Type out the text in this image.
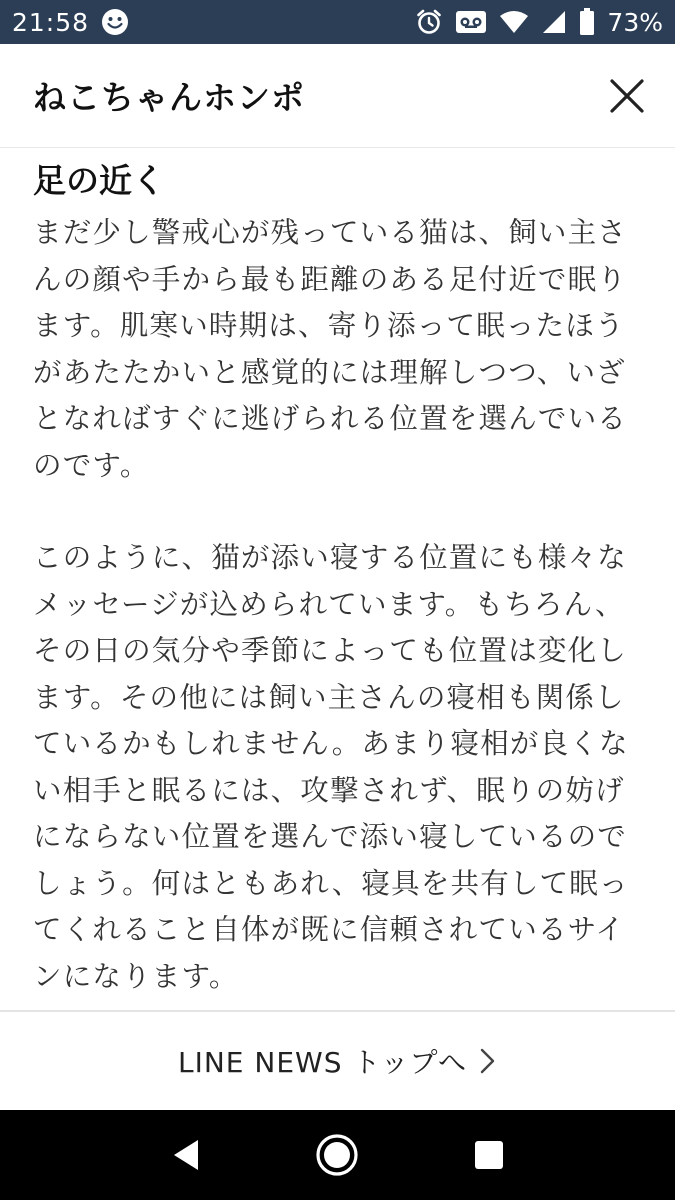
21:58	73%
ねこちゃんホンポ
足の近く

まだ少し警戒心が残っている猫は、飼い主さんの顔や手から最も距離のある足付近で眠ります。肌寒い時期は、寄り添って眠ったほうがあたたかいと感覚的には理解しつつ、いざとなればすぐに逃げられる位置を選んでいるのです。

このように、猫が添い寝する位置にも様々なメッセージが込められています。もちろん、その日の気分や季節によっても位置は変化します。その他には飼い主さんの寝相も関係しているかもしれません。あまり寝相が良くない相手と眠るには、攻撃されず、眠りの妨げにならない位置を選んで添い寝しているのでしょう。何はともあれ、寝具を共有して眠ってくれること自体が既に信頼されているサインになります。

LINE NEWS トップへ
